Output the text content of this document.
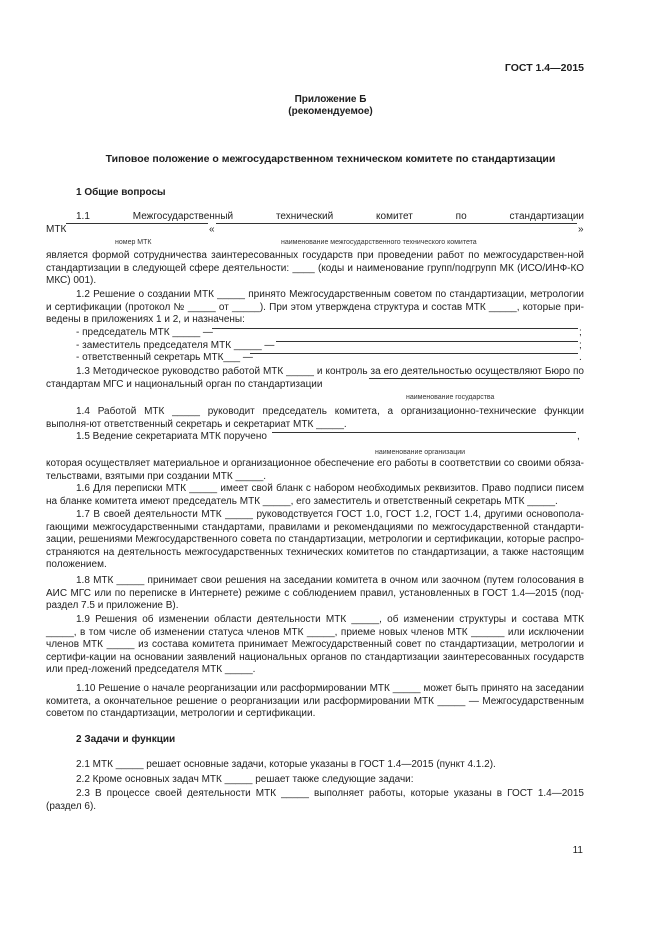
ГОСТ 1.4—2015
Приложение Б
(рекомендуемое)
Типовое положение о межгосударственном техническом комитете по стандартизации
1 Общие вопросы
1.1 Межгосударственный технический комитет по стандартизации
МТК	«	»
номер МТК	наименование межгосударственного технического комитета
является формой сотрудничества заинтересованных государств при проведении работ по межгосударствен-ной стандартизации в следующей сфере деятельности: ____ (коды и наименование групп/подгрупп МК (ИСО/ИНФ-КО МКС) 001).
1.2 Решение о создании МТК _____ принято Межгосударственным советом по стандартизации, метрологии и сертификации (протокол № _____ от _____). При этом утверждена структура и состав МТК _____, которые при-ведены в приложениях 1 и 2, и назначены:
- председатель МТК _____ —	;
- заместитель председателя МТК _____ —	;
- ответственный секретарь МТК___ —	.
1.3 Методическое руководство работой МТК _____ и контроль за его деятельностью осуществляют Бюро по стандартам МГС и национальный орган по стандартизации
наименование государства
1.4 Работой МТК _____ руководит председатель комитета, а организационно-технические функции выполня-ют ответственный секретарь и секретариат МТК _____.
1.5 Ведение секретариата МТК поручено	,
наименование организации
которая осуществляет материальное и организационное обеспечение его работы в соответствии со своими обяза-тельствами, взятыми при создании МТК _____.
1.6 Для переписки МТК _____ имеет свой бланк с набором необходимых реквизитов. Право подписи писем на бланке комитета имеют председатель МТК _____, его заместитель и ответственный секретарь МТК _____.
1.7 В своей деятельности МТК _____ руководствуется ГОСТ 1.0, ГОСТ 1.2, ГОСТ 1.4, другими основопола-гающими межгосударственными стандартами, правилами и рекомендациями по межгосударственной стандарти-зации, решениями Межгосударственного совета по стандартизации, метрологии и сертификации, которые распро-страняются на деятельность межгосударственных технических комитетов по стандартизации, а также настоящим положением.
1.8 МТК _____ принимает свои решения на заседании комитета в очном или заочном (путем голосования в АИС МГС или по переписке в Интернете) режиме с соблюдением правил, установленных в ГОСТ 1.4—2015 (под-раздел 7.5 и приложение В).
1.9 Решения об изменении области деятельности МТК _____, об изменении структуры и состава МТК _____, в том числе об изменении статуса членов МТК _____, приеме новых членов МТК ______ или исключении членов МТК _____ из состава комитета принимает Межгосударственный совет по стандартизации, метрологии и сертифи-кации на основании заявлений национальных органов по стандартизации заинтересованных государств или пред-ложений председателя МТК _____.
1.10 Решение о начале реорганизации или расформировании МТК _____ может быть принято на заседании комитета, а окончательное решение о реорганизации или расформировании МТК _____ — Межгосударственным советом по стандартизации, метрологии и сертификации.
2 Задачи и функции
2.1 МТК _____ решает основные задачи, которые указаны в ГОСТ 1.4—2015 (пункт 4.1.2).
2.2 Кроме основных задач МТК _____ решает также следующие задачи:
2.3 В процессе своей деятельности МТК _____ выполняет работы, которые указаны в ГОСТ 1.4—2015 (раздел 6).
11
